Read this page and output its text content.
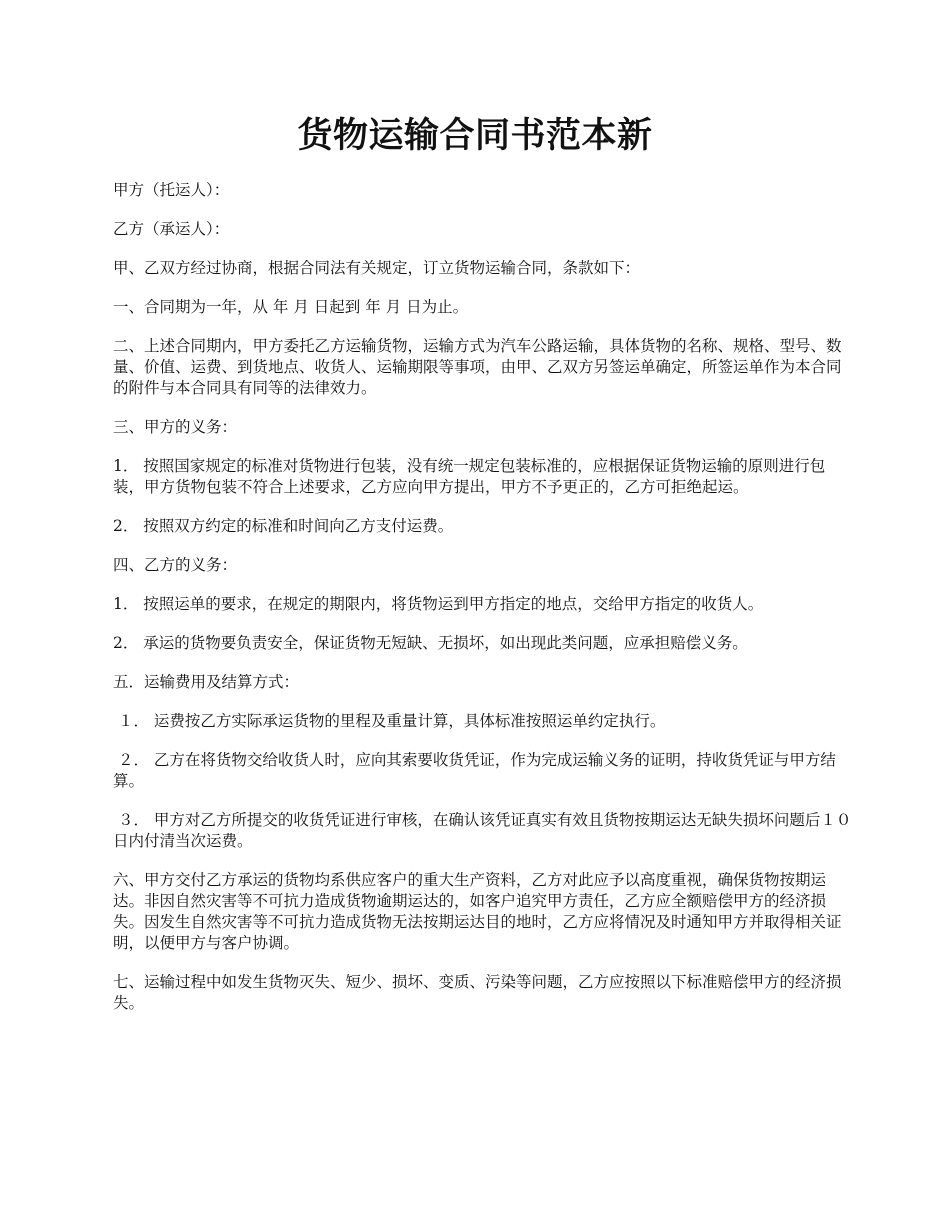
货物运输合同书范本新

甲方（托运人）：

乙方（承运人）：

甲、乙双方经过协商，根据合同法有关规定，订立货物运输合同，条款如下：

一、合同期为一年，从 年 月 日起到 年 月 日为止。

二、上述合同期内，甲方委托乙方运输货物，运输方式为汽车公路运输，具体货物的名称、规格、型号、数量、价值、运费、到货地点、收货人、运输期限等事项，由甲、乙双方另签运单确定，所签运单作为本合同的附件与本合同具有同等的法律效力。

三、甲方的义务：

1． 按照国家规定的标准对货物进行包装，没有统一规定包装标准的，应根据保证货物运输的原则进行包装，甲方货物包装不符合上述要求，乙方应向甲方提出，甲方不予更正的，乙方可拒绝起运。

2． 按照双方约定的标准和时间向乙方支付运费。

四、乙方的义务：

1． 按照运单的要求，在规定的期限内，将货物运到甲方指定的地点，交给甲方指定的收货人。

2． 承运的货物要负责安全，保证货物无短缺、无损坏，如出现此类问题，应承担赔偿义务。

五．运输费用及结算方式：

１． 运费按乙方实际承运货物的里程及重量计算，具体标准按照运单约定执行。

２． 乙方在将货物交给收货人时，应向其索要收货凭证，作为完成运输义务的证明，持收货凭证与甲方结算。

３． 甲方对乙方所提交的收货凭证进行审核，在确认该凭证真实有效且货物按期运达无缺失损坏问题后１０日内付清当次运费。

六、甲方交付乙方承运的货物均系供应客户的重大生产资料，乙方对此应予以高度重视，确保货物按期运达。非因自然灾害等不可抗力造成货物逾期运达的，如客户追究甲方责任，乙方应全额赔偿甲方的经济损失。因发生自然灾害等不可抗力造成货物无法按期运达目的地时，乙方应将情况及时通知甲方并取得相关证明，以便甲方与客户协调。

七、运输过程中如发生货物灭失、短少、损坏、变质、污染等问题，乙方应按照以下标准赔偿甲方的经济损失。
